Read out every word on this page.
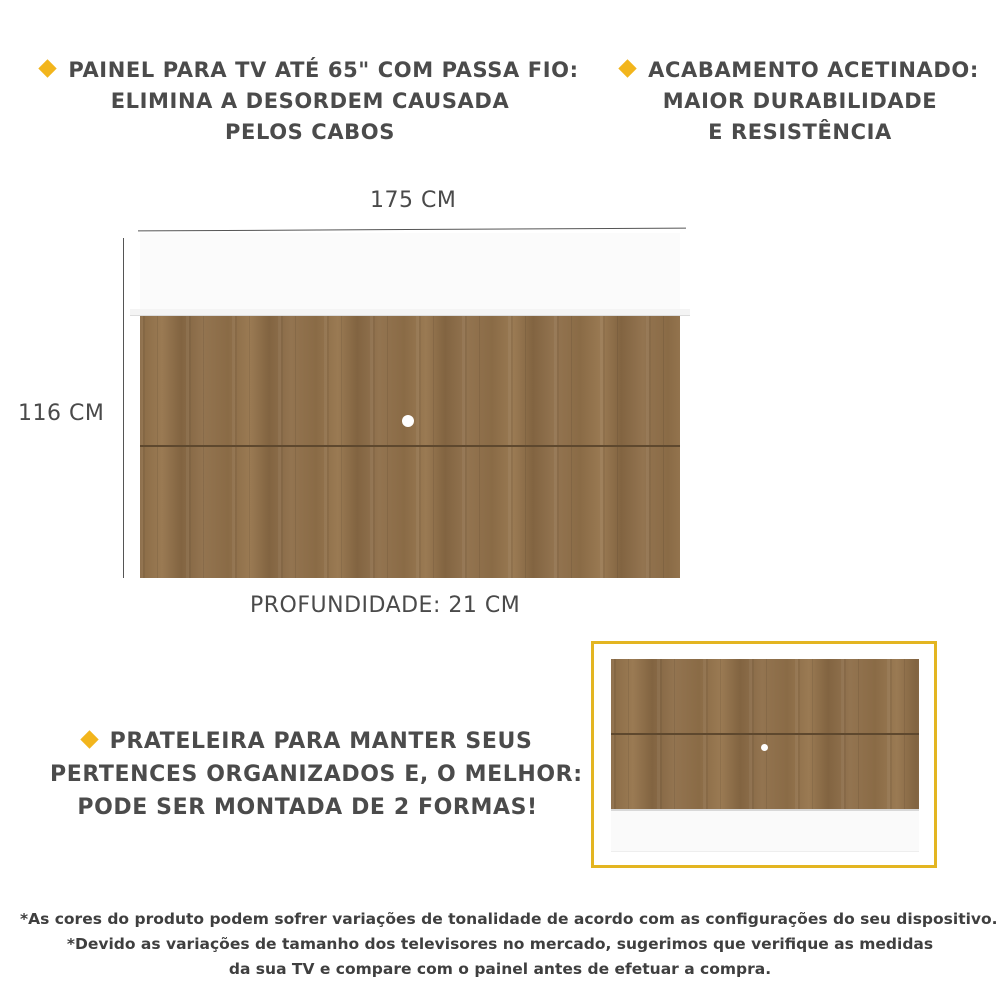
PAINEL PARA TV ATÉ 65" COM PASSA FIO:
ELIMINA A DESORDEM CAUSADA
PELOS CABOS
ACABAMENTO ACETINADO:
MAIOR DURABILIDADE
E RESISTÊNCIA
175 CM
116 CM
PROFUNDIDADE: 21 CM
PRATELEIRA PARA MANTER SEUS
PERTENCES ORGANIZADOS E, O MELHOR:
PODE SER MONTADA DE 2 FORMAS!
*As cores do produto podem sofrer variações de tonalidade de acordo com as configurações do seu dispositivo.
*Devido as variações de tamanho dos televisores no mercado, sugerimos que verifique as medidas
da sua TV e compare com o painel antes de efetuar a compra.
